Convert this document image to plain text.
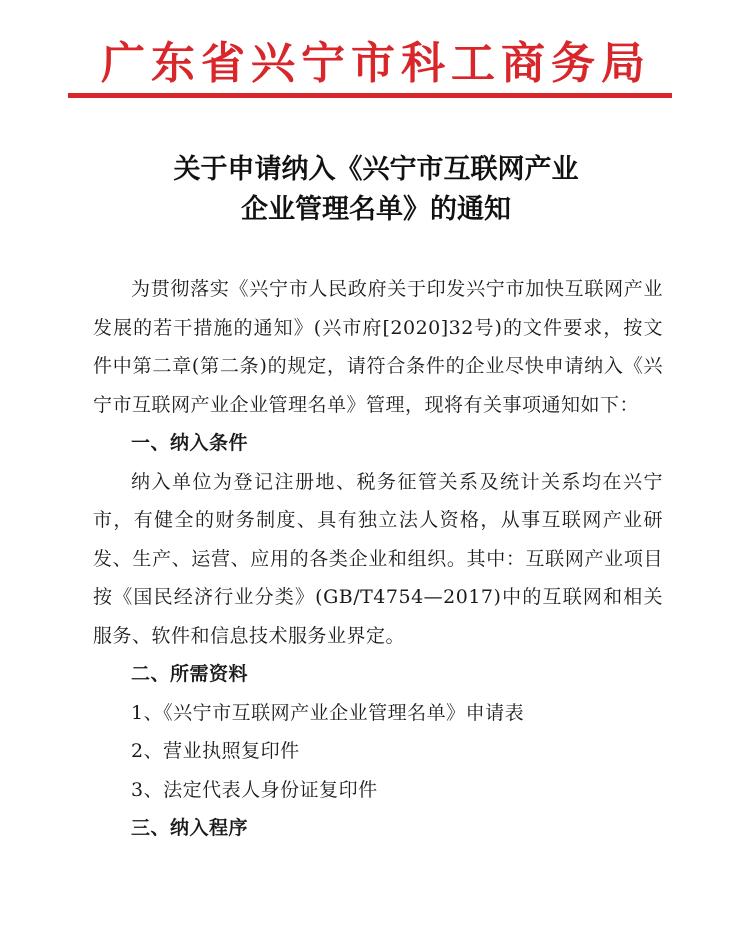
广东省兴宁市科工商务局
关于申请纳入《兴宁市互联网产业
企业管理名单》的通知

为贯彻落实《兴宁市人民政府关于印发兴宁市加快互联网产业发展的若干措施的通知》(兴市府[2020]32号)的文件要求，按文件中第二章(第二条)的规定，请符合条件的企业尽快申请纳入《兴宁市互联网产业企业管理名单》管理，现将有关事项通知如下：

一、纳入条件

纳入单位为登记注册地、税务征管关系及统计关系均在兴宁市，有健全的财务制度、具有独立法人资格，从事互联网产业研发、生产、运营、应用的各类企业和组织。其中：互联网产业项目按《国民经济行业分类》(GB/T4754—2017)中的互联网和相关服务、软件和信息技术服务业界定。

二、所需资料

1、《兴宁市互联网产业企业管理名单》申请表

2、营业执照复印件

3、法定代表人身份证复印件

三、纳入程序
